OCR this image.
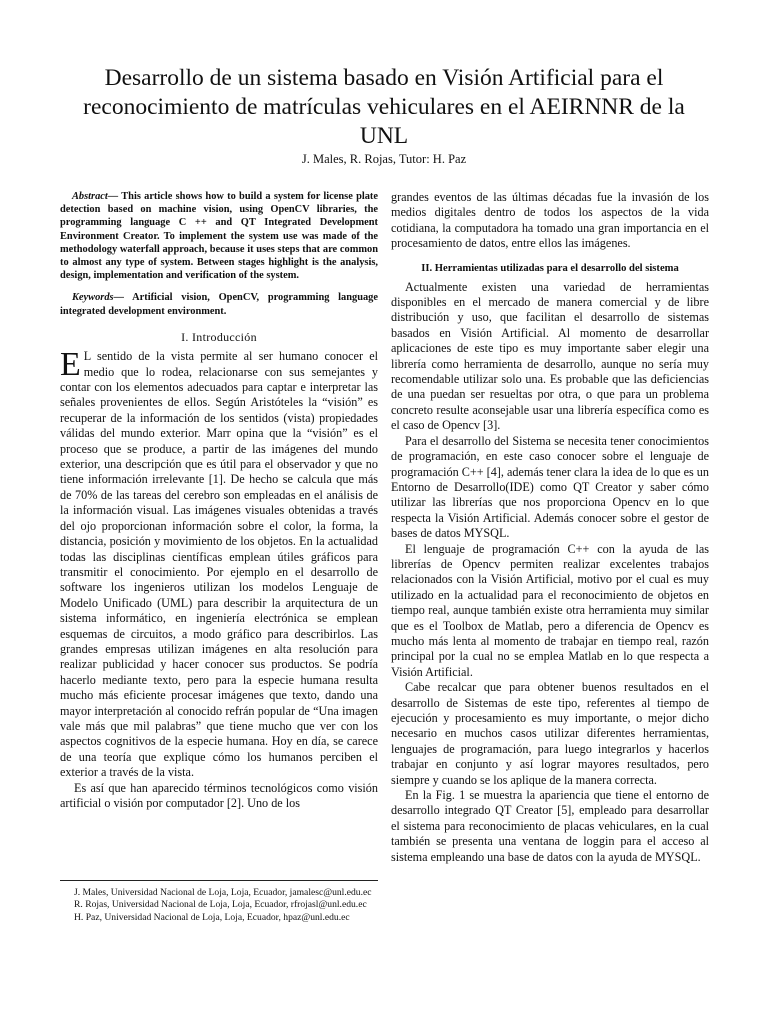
Desarrollo de un sistema basado en Visión Artificial para el reconocimiento de matrículas vehiculares en el AEIRNNR de la UNL
J. Males, R. Rojas, Tutor: H. Paz

Abstract— This article shows how to build a system for license plate detection based on machine vision, using OpenCV libraries, the programming language C ++ and QT Integrated Development Environment Creator. To implement the system use was made of the methodology waterfall approach, because it uses steps that are common to almost any type of system. Between stages highlight is the analysis, design, implementation and verification of the system.

Keywords— Artificial vision, OpenCV, programming language integrated development environment.

I. Introducción

E L sentido de la vista permite al ser humano conocer el medio que lo rodea, relacionarse con sus semejantes y contar con los elementos adecuados para captar e interpretar las señales provenientes de ellos. Según Aristóteles la “visión” es recuperar de la información de los sentidos (vista) propiedades válidas del mundo exterior. Marr opina que la “visión” es el proceso que se produce, a partir de las imágenes del mundo exterior, una descripción que es útil para el observador y que no tiene información irrelevante [1]. De hecho se calcula que más de 70% de las tareas del cerebro son empleadas en el análisis de la información visual. Las imágenes visuales obtenidas a través del ojo proporcionan información sobre el color, la forma, la distancia, posición y movimiento de los objetos. En la actualidad todas las disciplinas científicas emplean útiles gráficos para transmitir el conocimiento. Por ejemplo en el desarrollo de software los ingenieros utilizan los modelos Lenguaje de Modelo Unificado (UML) para describir la arquitectura de un sistema informático, en ingeniería electrónica se emplean esquemas de circuitos, a modo gráfico para describirlos. Las grandes empresas utilizan imágenes en alta resolución para realizar publicidad y hacer conocer sus productos. Se podría hacerlo mediante texto, pero para la especie humana resulta mucho más eficiente procesar imágenes que texto, dando una mayor interpretación al conocido refrán popular de “Una imagen vale más que mil palabras” que tiene mucho que ver con los aspectos cognitivos de la especie humana. Hoy en día, se carece de una teoría que explique cómo los humanos perciben el exterior a través de la vista.

Es así que han aparecido términos tecnológicos como visión artificial o visión por computador [2]. Uno de los

grandes eventos de las últimas décadas fue la invasión de los medios digitales dentro de todos los aspectos de la vida cotidiana, la computadora ha tomado una gran importancia en el procesamiento de datos, entre ellos las imágenes.

II. Herramientas utilizadas para el desarrollo del sistema

Actualmente existen una variedad de herramientas disponibles en el mercado de manera comercial y de libre distribución y uso, que facilitan el desarrollo de sistemas basados en Visión Artificial. Al momento de desarrollar aplicaciones de este tipo es muy importante saber elegir una librería como herramienta de desarrollo, aunque no sería muy recomendable utilizar solo una. Es probable que las deficiencias de una puedan ser resueltas por otra, o que para un problema concreto resulte aconsejable usar una librería específica como es el caso de Opencv [3].

Para el desarrollo del Sistema se necesita tener conocimientos de programación, en este caso conocer sobre el lenguaje de programación C++ [4], además tener clara la idea de lo que es un Entorno de Desarrollo(IDE) como QT Creator y saber cómo utilizar las librerías que nos proporciona Opencv en lo que respecta la Visión Artificial. Además conocer sobre el gestor de bases de datos MYSQL.

El lenguaje de programación C++ con la ayuda de las librerías de Opencv permiten realizar excelentes trabajos relacionados con la Visión Artificial, motivo por el cual es muy utilizado en la actualidad para el reconocimiento de objetos en tiempo real, aunque también existe otra herramienta muy similar que es el Toolbox de Matlab, pero a diferencia de Opencv es mucho más lenta al momento de trabajar en tiempo real, razón principal por la cual no se emplea Matlab en lo que respecta a Visión Artificial.

Cabe recalcar que para obtener buenos resultados en el desarrollo de Sistemas de este tipo, referentes al tiempo de ejecución y procesamiento es muy importante, o mejor dicho necesario en muchos casos utilizar diferentes herramientas, lenguajes de programación, para luego integrarlos y hacerlos trabajar en conjunto y así lograr mayores resultados, pero siempre y cuando se los aplique de la manera correcta.

En la Fig. 1 se muestra la apariencia que tiene el entorno de desarrollo integrado QT Creator [5], empleado para desarrollar el sistema para reconocimiento de placas vehiculares, en la cual también se presenta una ventana de loggin para el acceso al sistema empleando una base de datos con la ayuda de MYSQL.

J. Males, Universidad Nacional de Loja, Loja, Ecuador, jamalesc@unl.edu.ec

R. Rojas, Universidad Nacional de Loja, Loja, Ecuador, rfrojasl@unl.edu.ec

H. Paz, Universidad Nacional de Loja, Loja, Ecuador, hpaz@unl.edu.ec
